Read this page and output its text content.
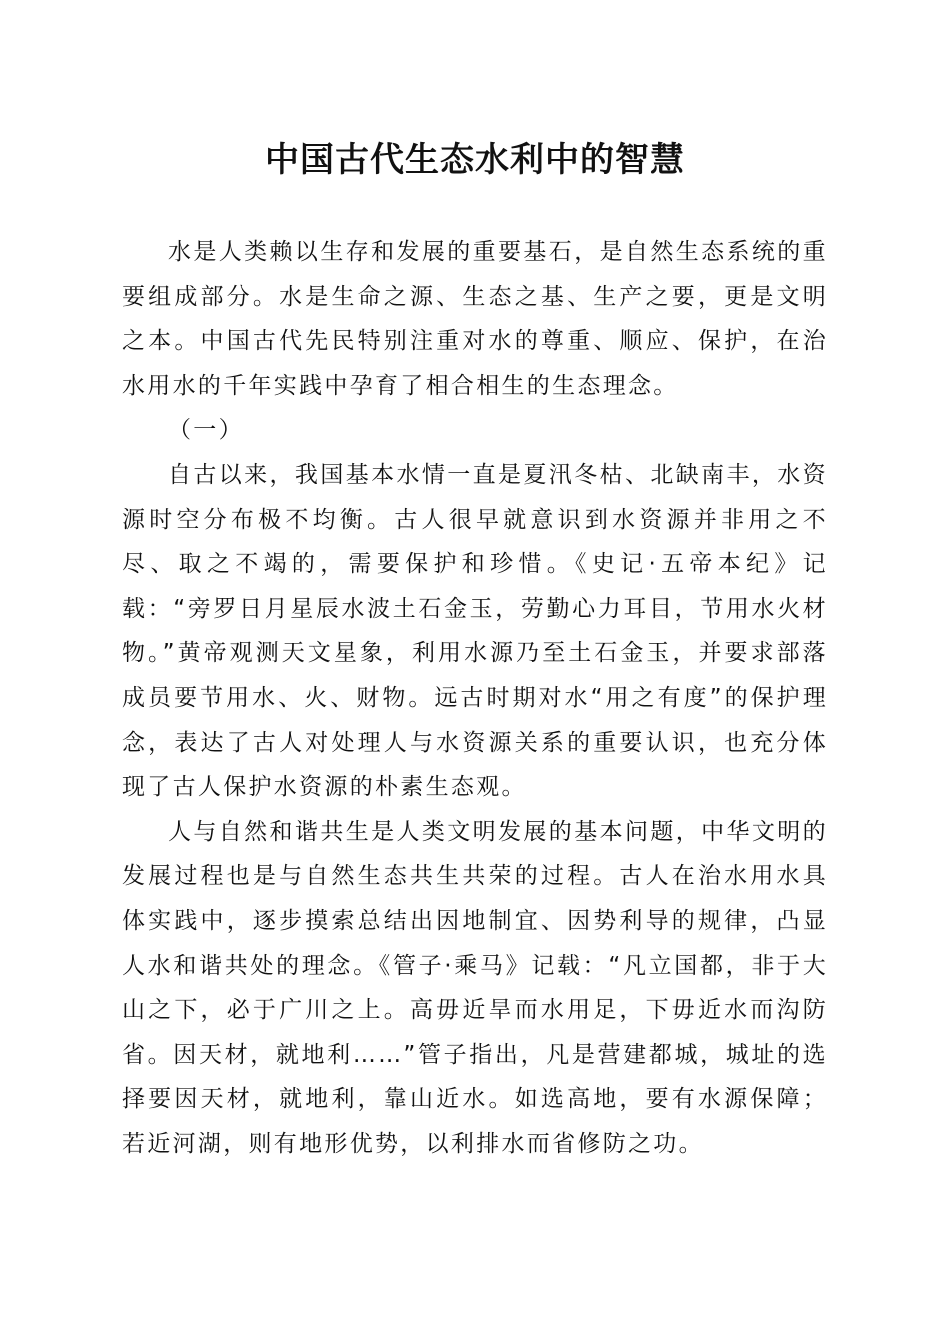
中国古代生态水利中的智慧

水是人类赖以生存和发展的重要基石，是自然生态系统的重要组成部分。水是生命之源、生态之基、生产之要，更是文明之本。中国古代先民特别注重对水的尊重、顺应、保护，在治水用水的千年实践中孕育了相合相生的生态理念。

（一）

自古以来，我国基本水情一直是夏汛冬枯、北缺南丰，水资源时空分布极不均衡。古人很早就意识到水资源并非用之不尽、取之不竭的，需要保护和珍惜。《史记·五帝本纪》记载：“旁罗日月星辰水波土石金玉，劳勤心力耳目，节用水火材物。”黄帝观测天文星象，利用水源乃至土石金玉，并要求部落成员要节用水、火、财物。远古时期对水“用之有度”的保护理念，表达了古人对处理人与水资源关系的重要认识，也充分体现了古人保护水资源的朴素生态观。

人与自然和谐共生是人类文明发展的基本问题，中华文明的发展过程也是与自然生态共生共荣的过程。古人在治水用水具体实践中，逐步摸索总结出因地制宜、因势利导的规律，凸显人水和谐共处的理念。《管子·乘马》记载：“凡立国都，非于大山之下，必于广川之上。高毋近旱而水用足，下毋近水而沟防省。因天材，就地利……”管子指出，凡是营建都城，城址的选择要因天材，就地利，靠山近水。如选高地，要有水源保障；若近河湖，则有地形优势，以利排水而省修防之功。
